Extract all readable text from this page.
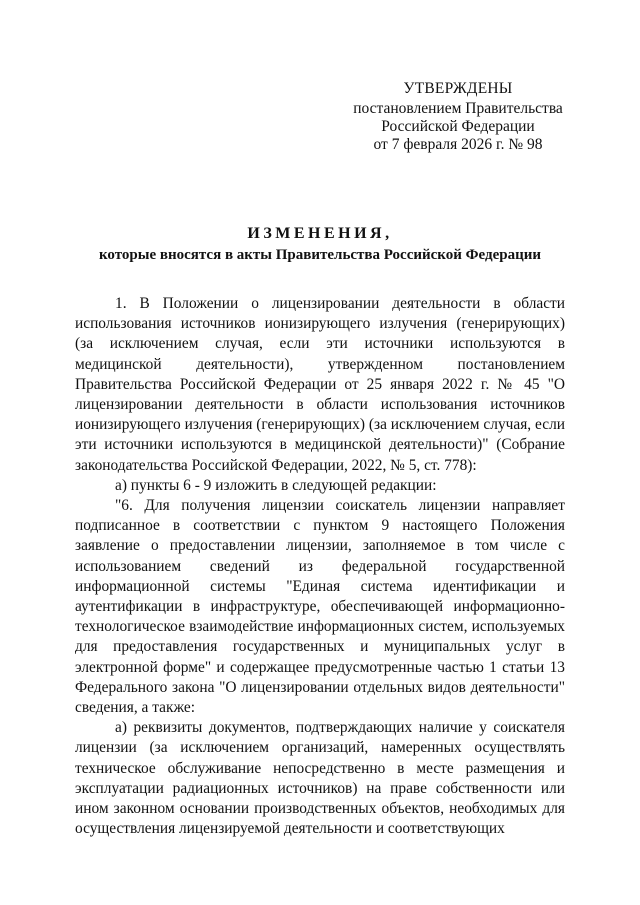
УТВЕРЖДЕНЫ
постановлением Правительства
Российской Федерации
от 7 февраля 2026 г. № 98
ИЗМЕНЕНИЯ,
которые вносятся в акты Правительства Российской Федерации

1. В Положении о лицензировании деятельности в области использования источников ионизирующего излучения (генерирующих) (за исключением случая, если эти источники используются в медицинской деятельности), утвержденном постановлением Правительства Российской Федерации от 25 января 2022 г. № 45 "О лицензировании деятельности в области использования источников ионизирующего излучения (генерирующих) (за исключением случая, если эти источники используются в медицинской деятельности)" (Собрание законодательства Российской Федерации, 2022, № 5, ст. 778):

а) пункты 6 - 9 изложить в следующей редакции:

"6. Для получения лицензии соискатель лицензии направляет подписанное в соответствии с пунктом 9 настоящего Положения заявление о предоставлении лицензии, заполняемое в том числе с использованием сведений из федеральной государственной информационной системы "Единая система идентификации и аутентификации в инфраструктуре, обеспечивающей информационно-технологическое взаимодействие информационных систем, используемых для предоставления государственных и муниципальных услуг в электронной форме" и содержащее предусмотренные частью 1 статьи 13 Федерального закона "О лицензировании отдельных видов деятельности" сведения, а также:

а) реквизиты документов, подтверждающих наличие у соискателя лицензии (за исключением организаций, намеренных осуществлять техническое обслуживание непосредственно в месте размещения и эксплуатации радиационных источников) на праве собственности или ином законном основании производственных объектов, необходимых для осуществления лицензируемой деятельности и соответствующих
